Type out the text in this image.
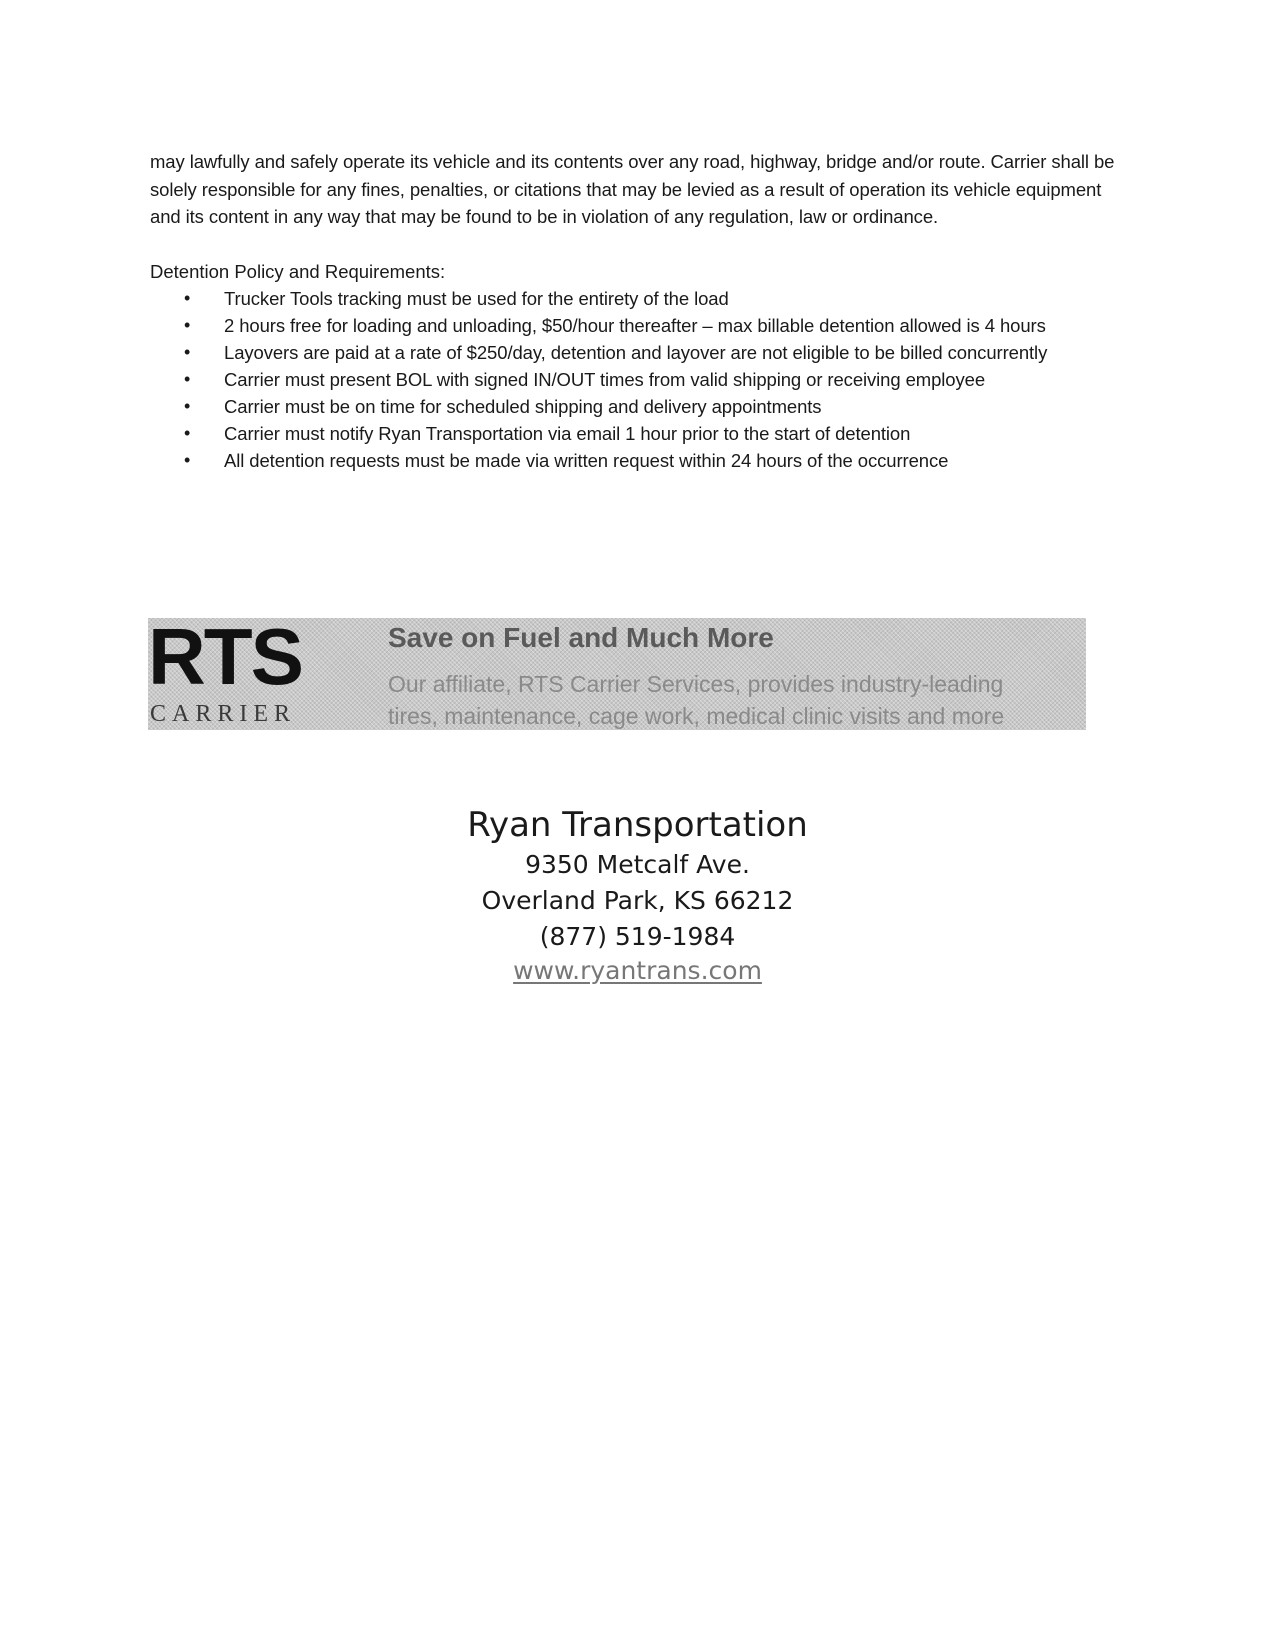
may lawfully and safely operate its vehicle and its contents over any road, highway, bridge and/or route. Carrier shall be solely responsible for any fines, penalties, or citations that may be levied as a result of operation its vehicle equipment and its content in any way that may be found to be in violation of any regulation, law or ordinance.

Detention Policy and Requirements:

• Trucker Tools tracking must be used for the entirety of the load
• 2 hours free for loading and unloading, $50/hour thereafter – max billable detention allowed is 4 hours
• Layovers are paid at a rate of $250/day, detention and layover are not eligible to be billed concurrently
• Carrier must present BOL with signed IN/OUT times from valid shipping or receiving employee
• Carrier must be on time for scheduled shipping and delivery appointments
• Carrier must notify Ryan Transportation via email 1 hour prior to the start of detention
• All detention requests must be made via written request within 24 hours of the occurrence
RTS
CARRIER
Save on Fuel and Much More
Our affiliate, RTS Carrier Services, provides industry-leading
tires, maintenance, cage work, medical clinic visits and more
Ryan Transportation
9350 Metcalf Ave.
Overland Park, KS 66212
(877) 519-1984
www.ryantrans.com
